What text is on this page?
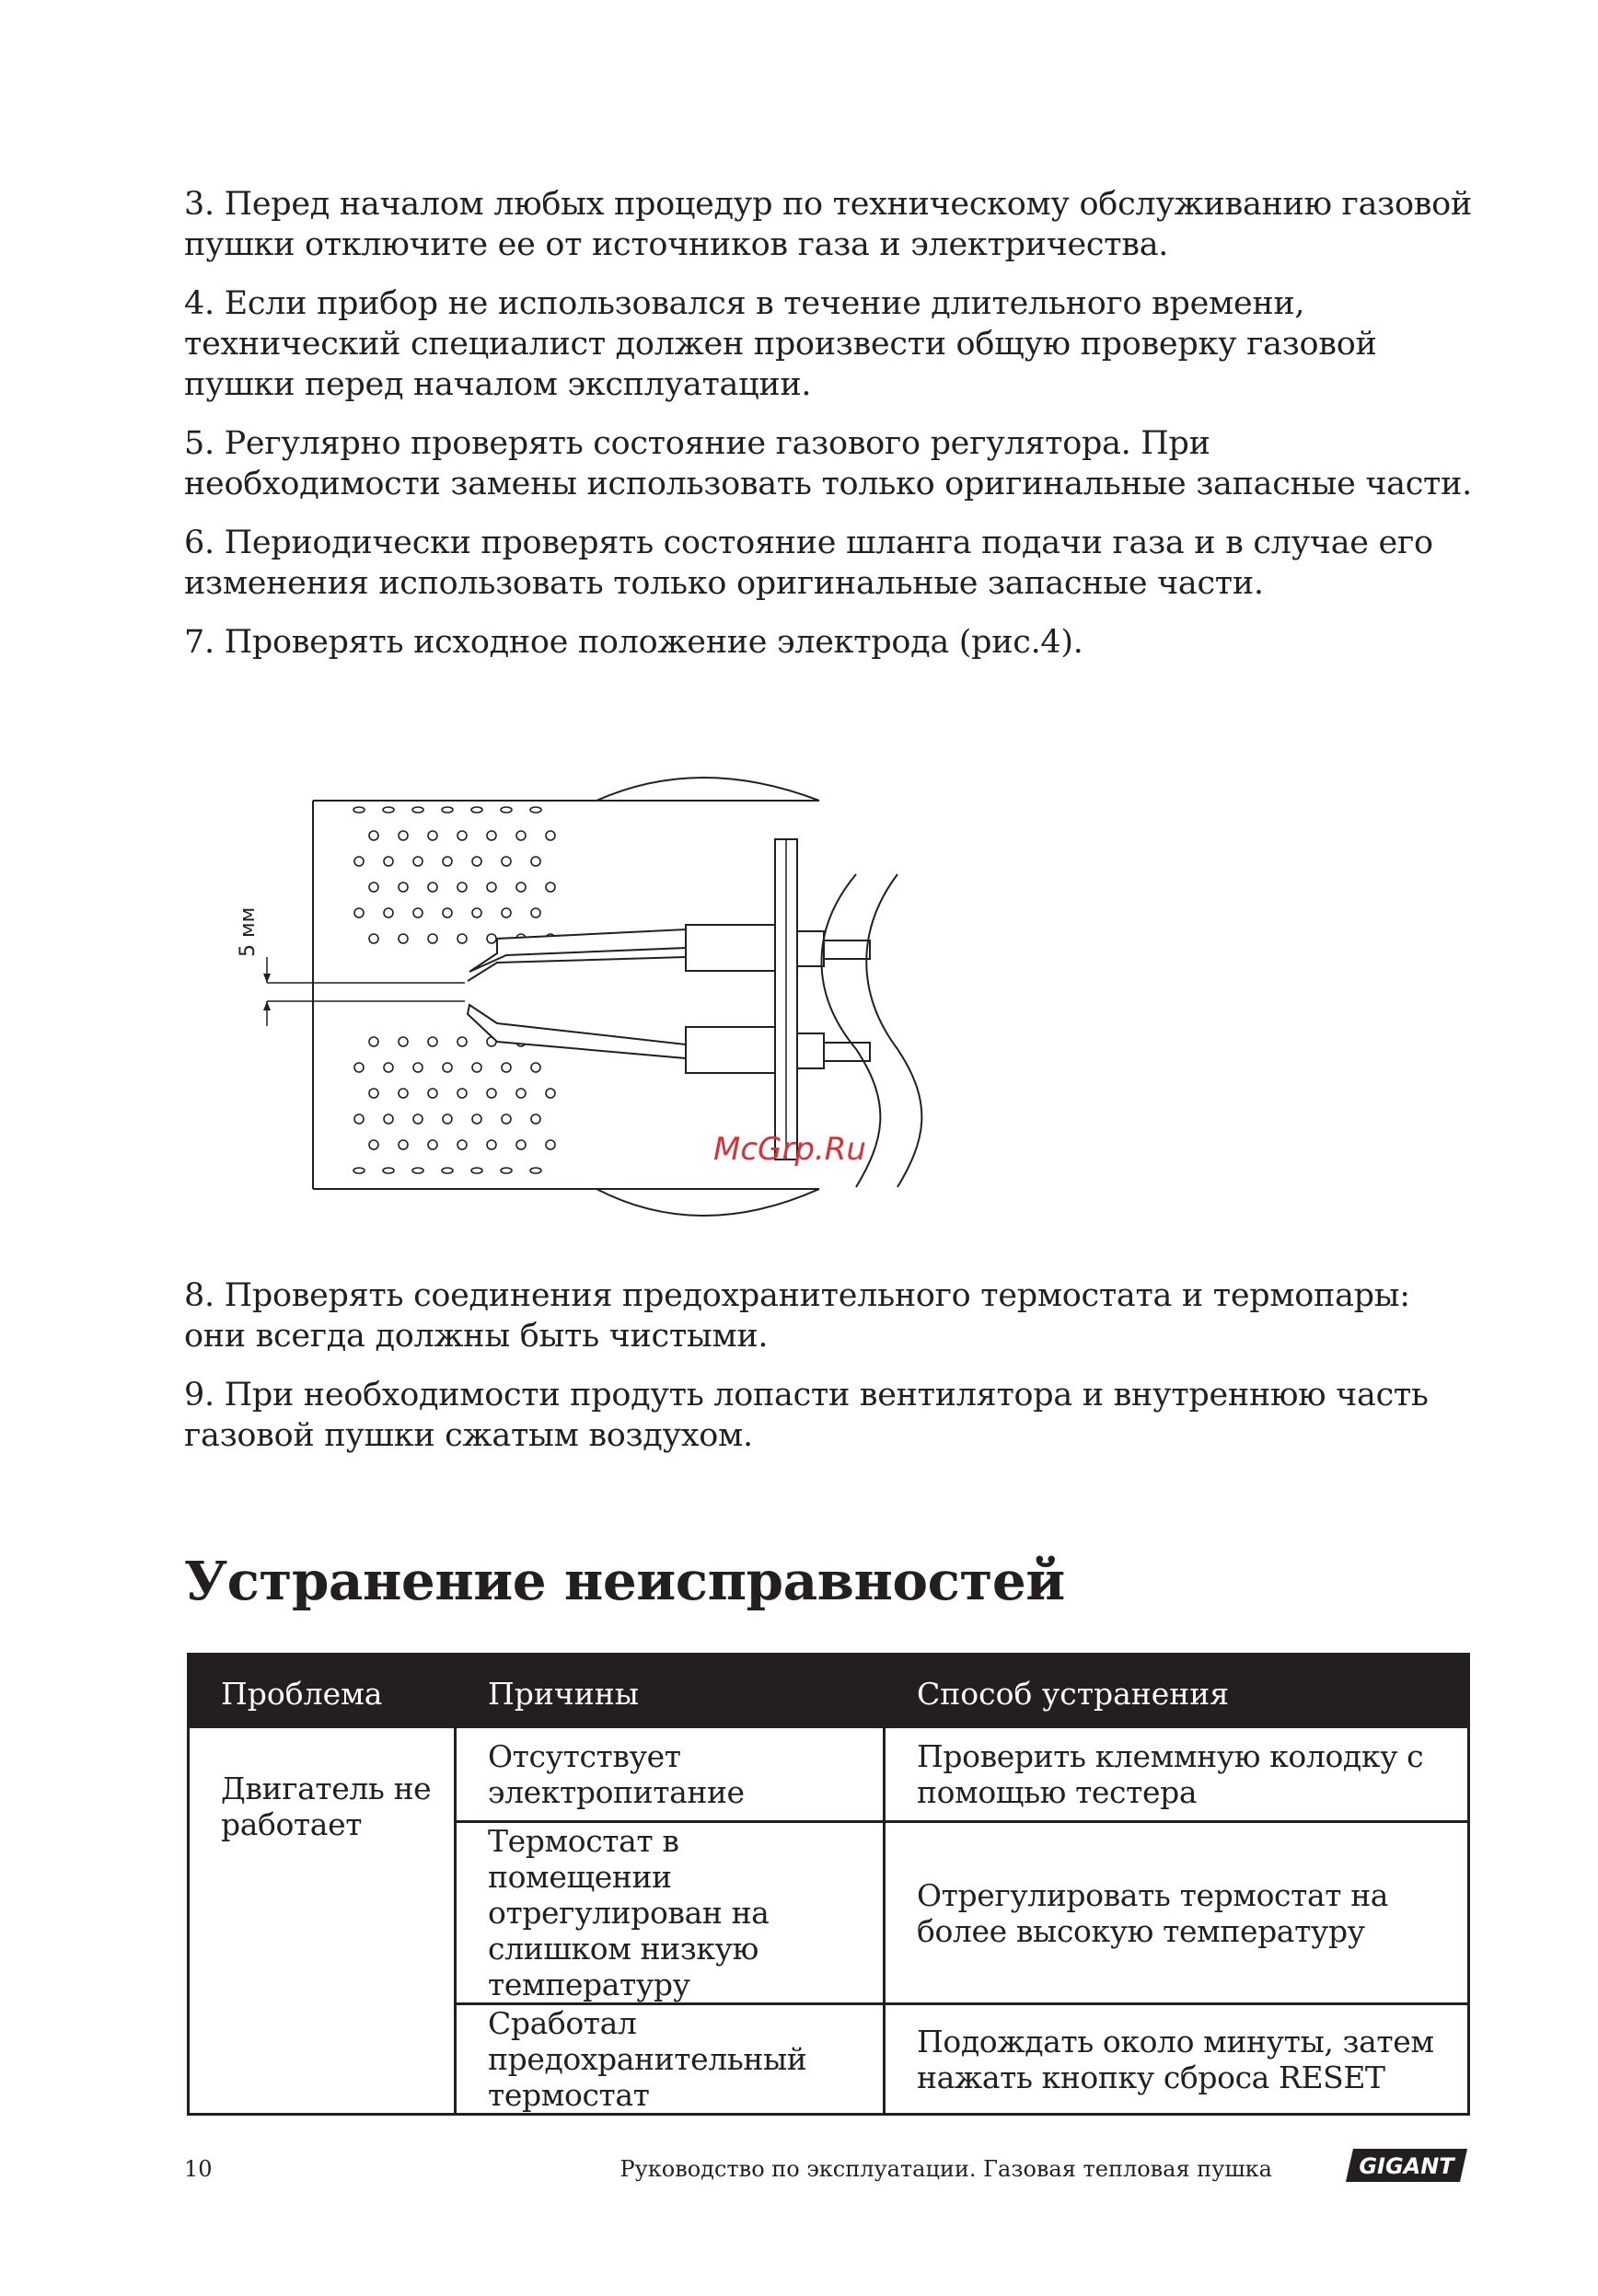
3. Перед началом любых процедур по техническому обслуживанию газовой пушки отключите ее от источников газа и электричества.

4. Если прибор не использовался в течение длительного времени, технический специалист должен произвести общую проверку газовой пушки перед началом эксплуатации.

5. Регулярно проверять состояние газового регулятора. При необходимости замены использовать только оригинальные запасные части.

6. Периодически проверять состояние шланга подачи газа и в случае его изменения использовать только оригинальные запасные части.

7. Проверять исходное положение электрода (рис.4).

5 мм
McGrp.Ru

8. Проверять соединения предохранительного термостата и термопары: они всегда должны быть чистыми.

9. При необходимости продуть лопасти вентилятора и внутреннюю часть газовой пушки сжатым воздухом.

Устранение неисправностей
Проблема	Причины	Способ устранения
Двигатель не работает	Отсутствует электропитание	Проверить клеммную колодку с помощью тестера
	Термостат в помещении отрегулирован на слишком низкую температуру	Отрегулировать термостат на более высокую температуру
	Сработал предохранительный термостат	Подождать около минуты, затем нажать кнопку сброса RESET
10	Руководство по эксплуатации. Газовая тепловая пушка	GIGANT
